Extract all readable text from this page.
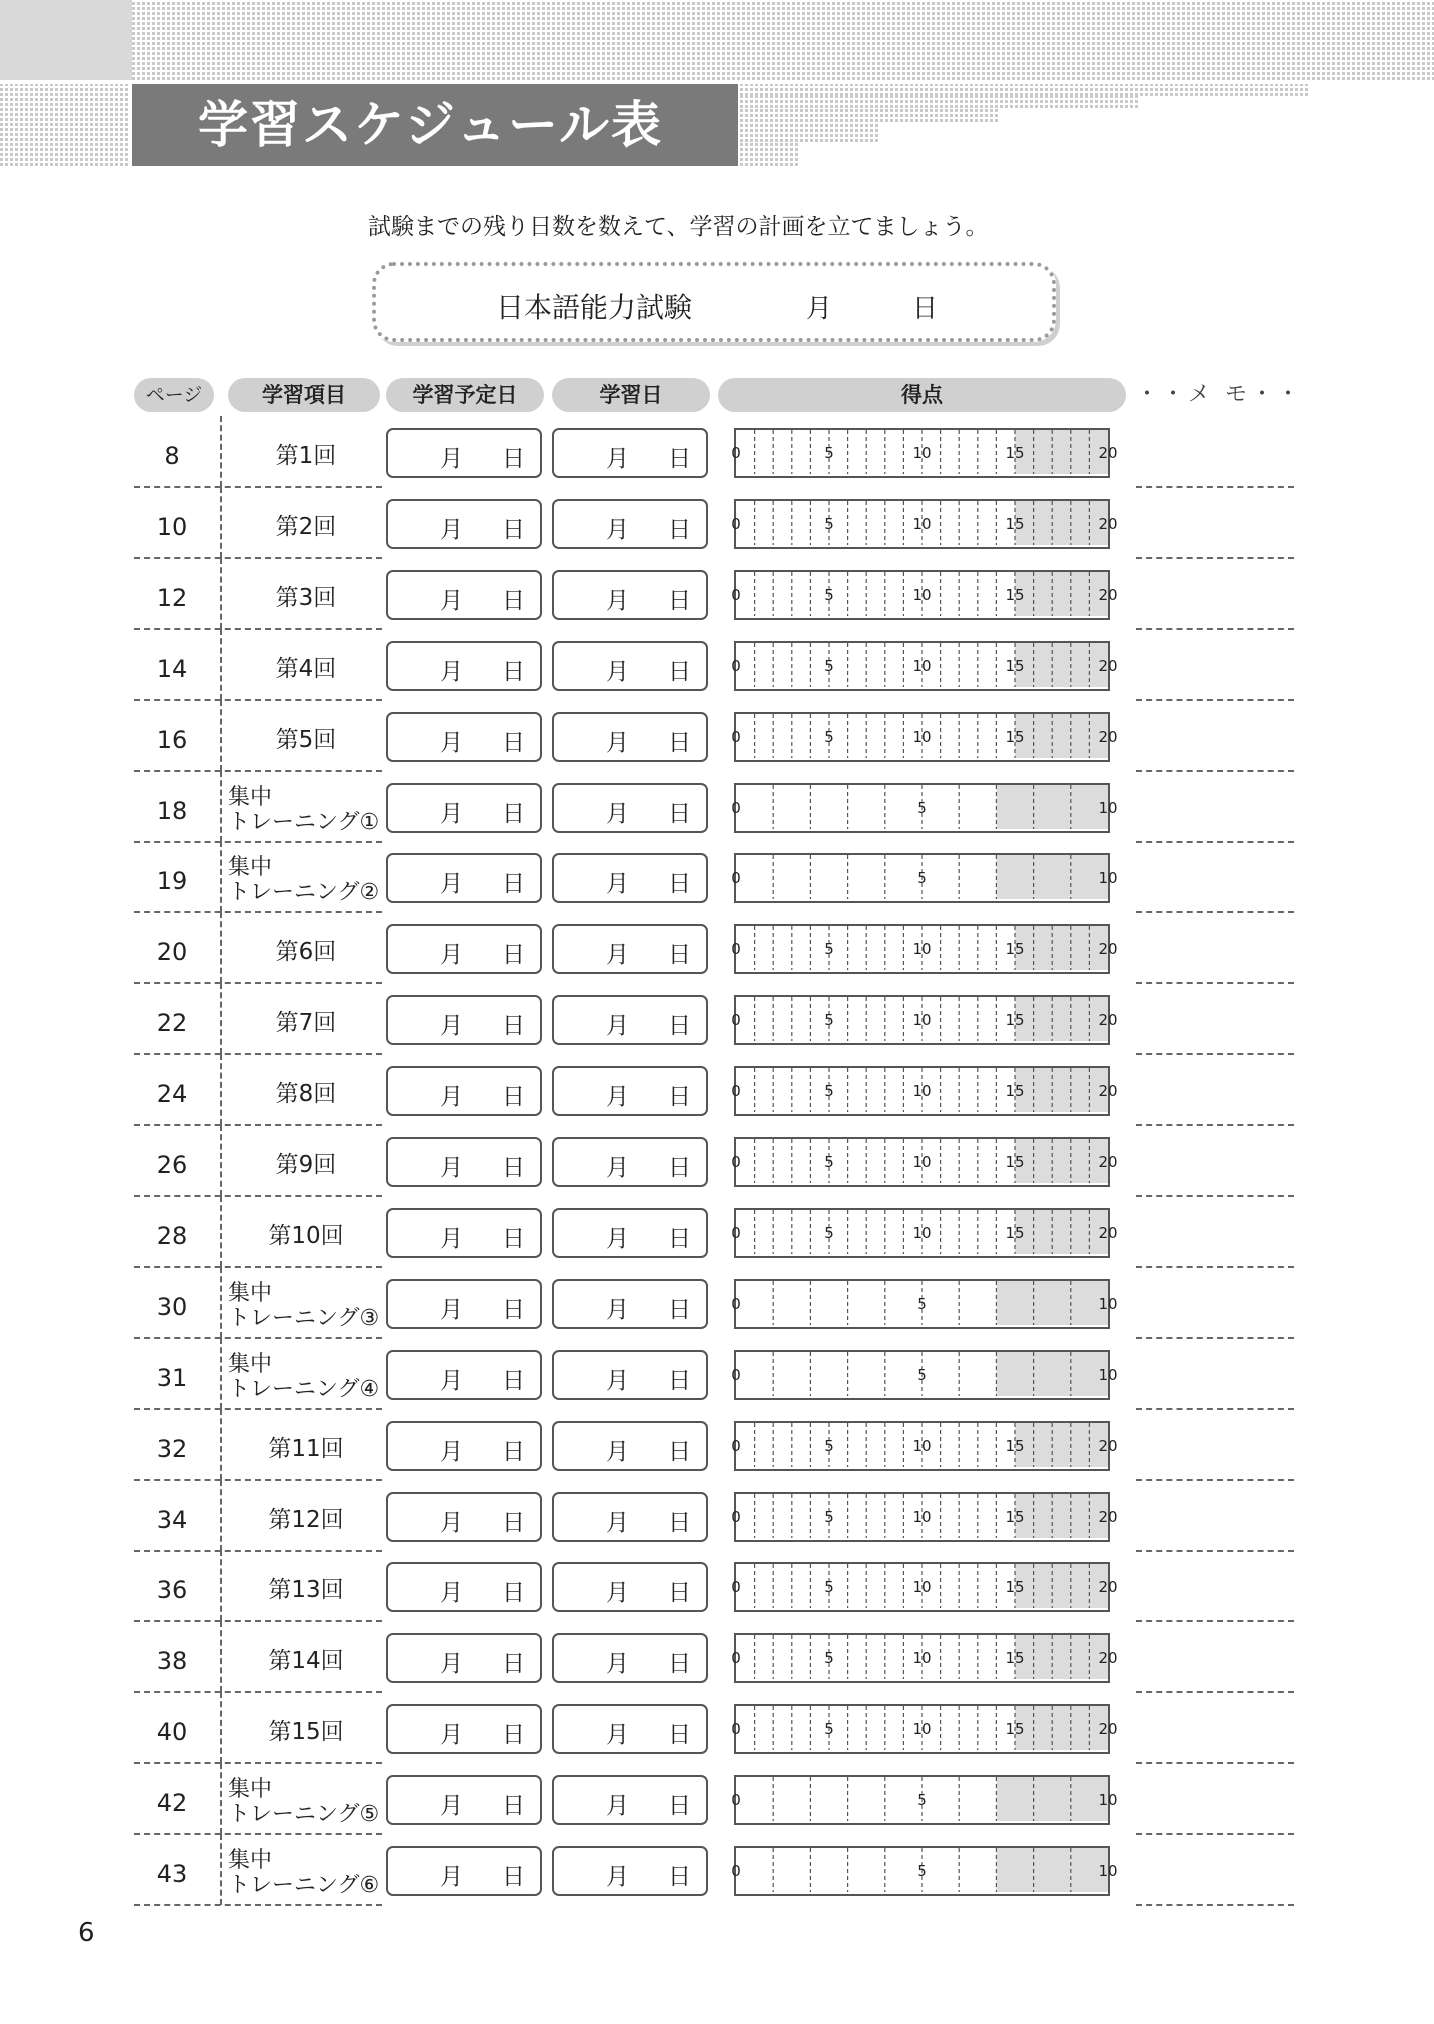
学習スケジュール表
試験までの残り日数を数えて、学習の計画を立てましょう。
日本語能力試験	月	日
ページ	学習項目	学習予定日	学習日	得点	・・メ モ・・
8	第1回	月 日	月 日	0	5	10	15	20
10	第2回	月 日	月 日	0	5	10	15	20
12	第3回	月 日	月 日	0	5	10	15	20
14	第4回	月 日	月 日	0	5	10	15	20
16	第5回	月 日	月 日	0	5	10	15	20
18	集中
トレーニング①	月 日	月 日	0	5	10
19	集中
トレーニング②	月 日	月 日	0	5	10
20	第6回	月 日	月 日	0	5	10	15	20
22	第7回	月 日	月 日	0	5	10	15	20
24	第8回	月 日	月 日	0	5	10	15	20
26	第9回	月 日	月 日	0	5	10	15	20
28	第10回	月 日	月 日	0	5	10	15	20
30	集中
トレーニング③	月 日	月 日	0	5	10
31	集中
トレーニング④	月 日	月 日	0	5	10
32	第11回	月 日	月 日	0	5	10	15	20
34	第12回	月 日	月 日	0	5	10	15	20
36	第13回	月 日	月 日	0	5	10	15	20
38	第14回	月 日	月 日	0	5	10	15	20
40	第15回	月 日	月 日	0	5	10	15	20
42	集中
トレーニング⑤	月 日	月 日	0	5	10
43	集中
トレーニング⑥	月 日	月 日	0	5	10
6
